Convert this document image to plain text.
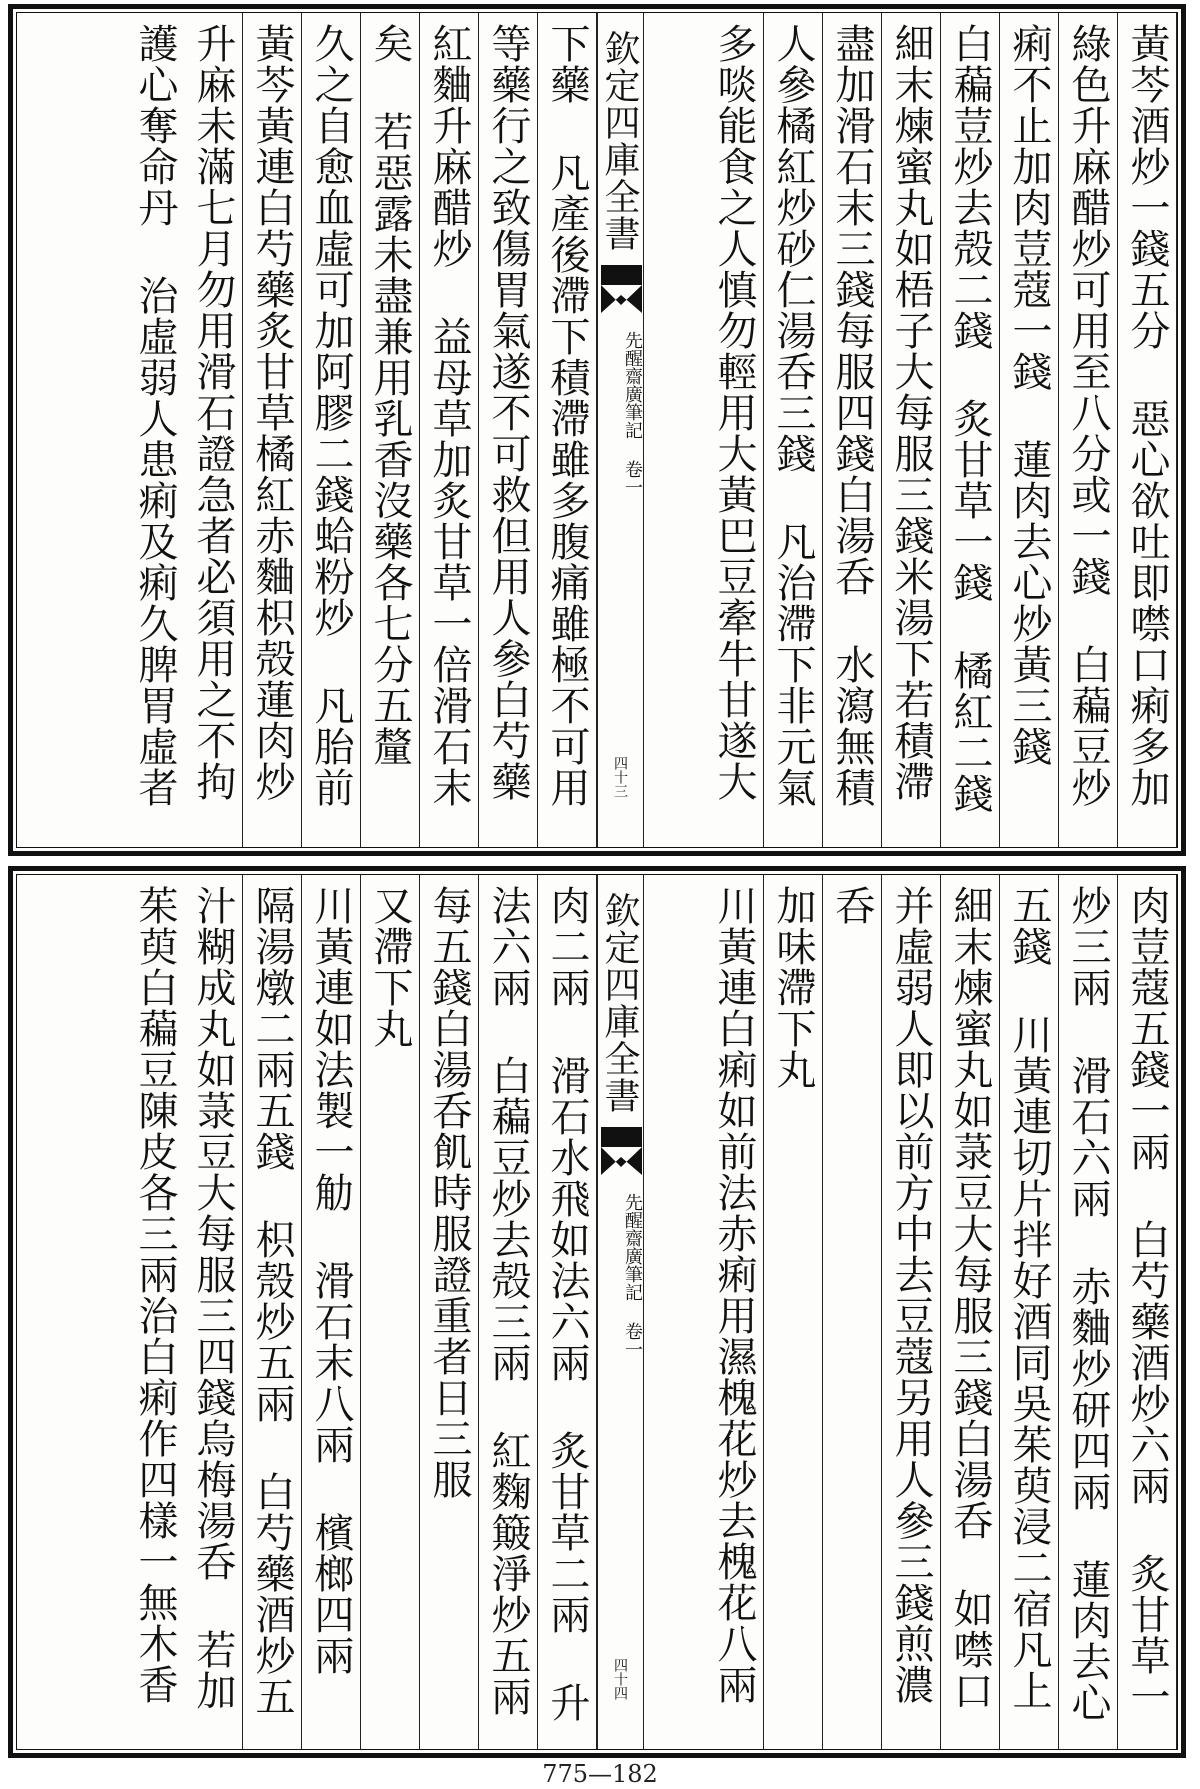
黃芩酒炒一錢五分 惡心欲吐即噤口痢多加
綠色升麻醋炒可用至八分或一錢 白藊豆炒
痢不止加肉荳蔻一錢 蓮肉去心炒黃三錢
白藊荳炒去殻二錢 炙甘草一錢 橘紅二錢
細末煉蜜丸如梧子大每服三錢米湯下若積滯
盡加滑石末三錢每服四錢白湯呑 水瀉無積
人參橘紅炒砂仁湯呑三錢 凡治滯下非元氣
多啖能食之人慎勿輕用大黃巴豆牽牛甘遂大
欽定四庫全書
先醒齋廣筆記 卷一
四十三
下藥 凡產後滯下積滯雖多腹痛雖極不可用
等藥行之致傷胃氣遂不可救但用人參白芍藥
紅麯升麻醋炒 益母草加炙甘草一倍滑石末
矣 若惡露未盡兼用乳香沒藥各七分五釐
久之自愈血虛可加阿膠二錢蛤粉炒 凡胎前
黃芩黃連白芍藥炙甘草橘紅赤麯枳殻蓮肉炒
升麻未滿七月勿用滑石證急者必須用之不拘
護心奪命丹 治虛弱人患痢及痢久脾胃虛者
肉荳蔻五錢一兩 白芍藥酒炒六兩 炙甘草一
炒三兩 滑石六兩 赤麯炒研四兩 蓮肉去心
五錢 川黃連切片拌好酒同吳茱萸浸二宿凡上
細末煉蜜丸如菉豆大每服三錢白湯呑 如噤口
并虛弱人即以前方中去豆蔻另用人參三錢煎濃
呑
加味滯下丸
川黃連白痢如前法赤痢用濕槐花炒去槐花八兩
欽定四庫全書
先醒齋廣筆記 卷一
四十四
肉二兩 滑石水飛如法六兩 炙甘草二兩 升
法六兩 白藊豆炒去殻三兩 紅麴簸淨炒五兩
每五錢白湯呑飢時服證重者日三服
又滯下丸
川黃連如法製一觔 滑石末八兩 檳榔四兩
隔湯燉二兩五錢 枳殼炒五兩 白芍藥酒炒五
汁糊成丸如菉豆大每服三四錢烏梅湯呑 若加
茱萸白藊豆陳皮各三兩治白痢作四樣一無木香
775—182
